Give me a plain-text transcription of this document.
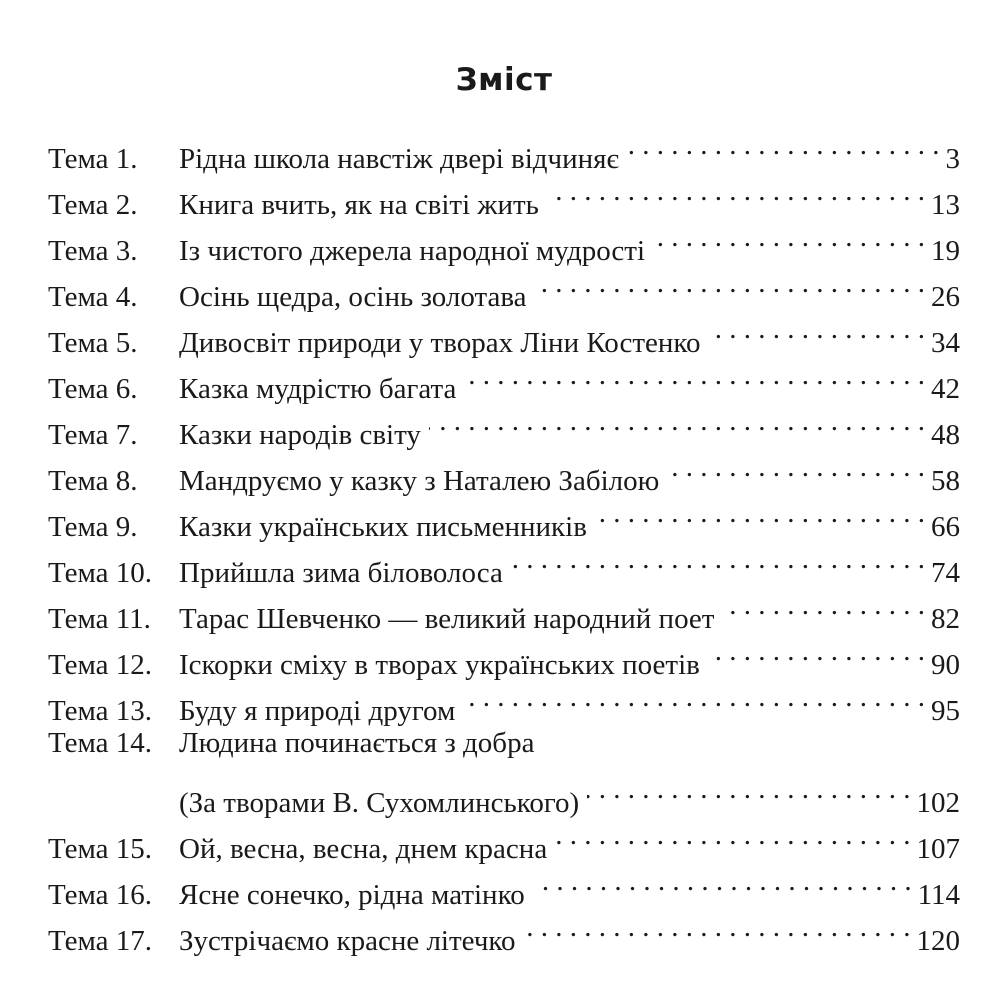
Зміст
Тема 1.	Рідна школа навстіж двері відчиняє . . .	3
Тема 2.	Книга вчить, як на світі жить . . .	13
Тема 3.	Із чистого джерела народної мудрості . . .	19
Тема 4.	Осінь щедра, осінь золотава . . .	26
Тема 5.	Дивосвіт природи у творах Ліни Костенко . . .	34
Тема 6.	Казка мудрістю багата . . .	42
Тема 7.	Казки народів світу . . .	48
Тема 8.	Мандруємо у казку з Наталею Забілою . . .	58
Тема 9.	Казки українських письменників . . .	66
Тема 10. Прийшла зима біловолоса . . .	74
Тема 11. Тарас Шевченко — великий народний поет . . .	82
Тема 12. Іскорки сміху в творах українських поетів . . .	90
Тема 13. Буду я природі другом . . .	95
Тема 14. Людина починається з добра
(За творами В. Сухомлинського) . . .	102
Тема 15. Ой, весна, весна, днем красна . . .	107
Тема 16. Ясне сонечко, рідна матінко . . .	114
Тема 17. Зустрічаємо красне літечко . . .	120
